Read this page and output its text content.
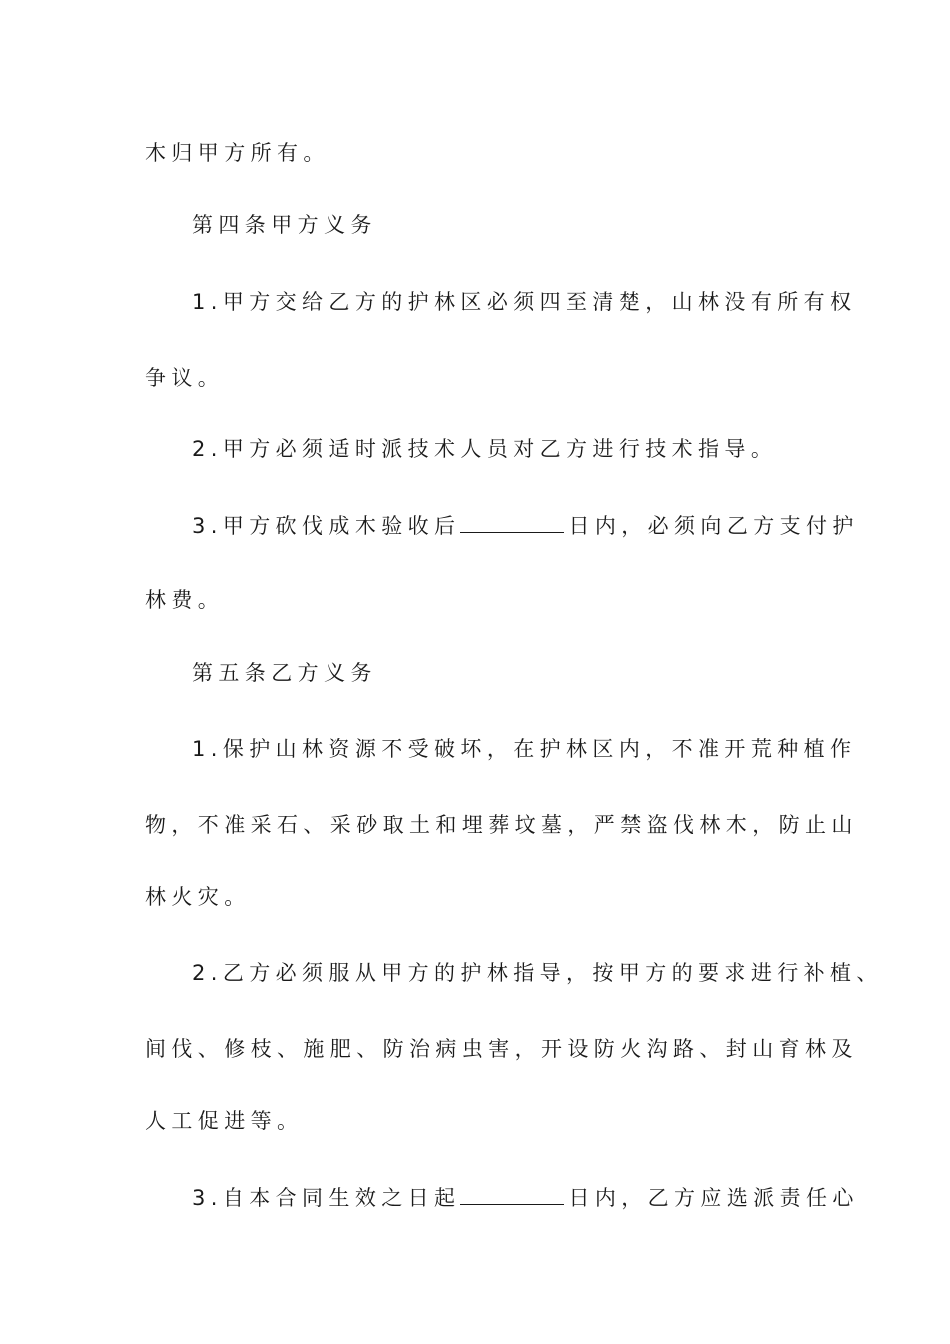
木归甲方所有。
第四条甲方义务
1.甲方交给乙方的护林区必须四至清楚，山林没有所有权
争议。
2.甲方必须适时派技术人员对乙方进行技术指导。
3.甲方砍伐成木验收后	日内，必须向乙方支付护
林费。
第五条乙方义务
1.保护山林资源不受破坏，在护林区内，不准开荒种植作
物，不准采石、采砂取土和埋葬坟墓，严禁盗伐林木，防止山
林火灾。
2.乙方必须服从甲方的护林指导，按甲方的要求进行补植、
间伐、修枝、施肥、防治病虫害，开设防火沟路、封山育林及
人工促进等。
3.自本合同生效之日起	日内，乙方应选派责任心
